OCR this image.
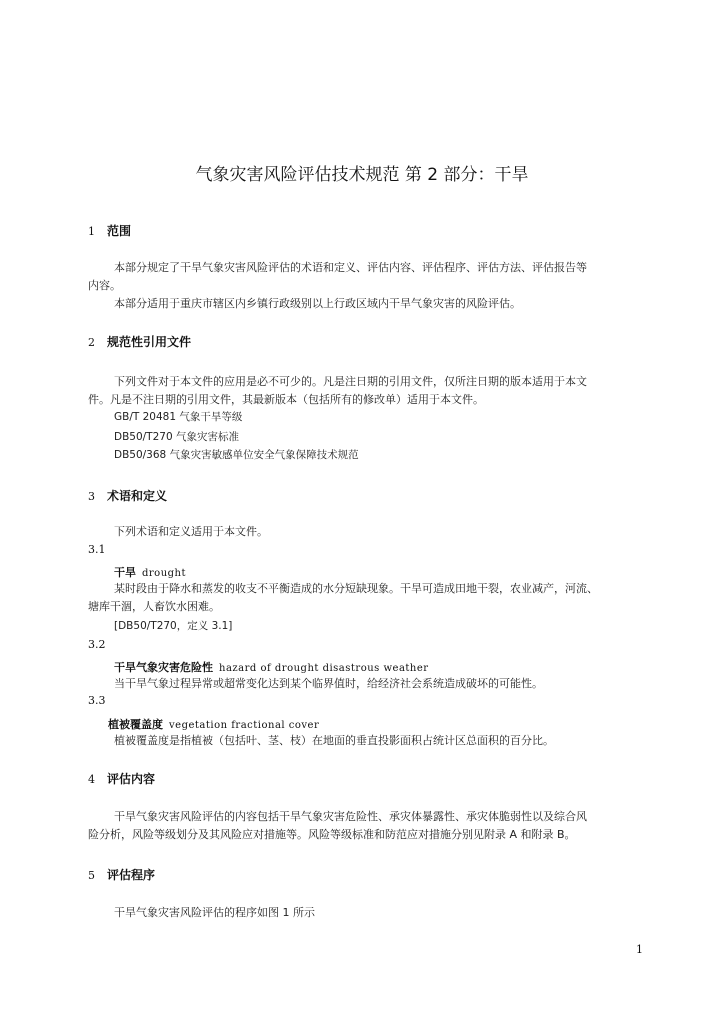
气象灾害风险评估技术规范 第 2 部分：干旱
1 范围
本部分规定了干旱气象灾害风险评估的术语和定义、评估内容、评估程序、评估方法、评估报告等
内容。
本部分适用于重庆市辖区内乡镇行政级别以上行政区域内干旱气象灾害的风险评估。
2 规范性引用文件
下列文件对于本文件的应用是必不可少的。凡是注日期的引用文件，仅所注日期的版本适用于本文
件。凡是不注日期的引用文件，其最新版本（包括所有的修改单）适用于本文件。
GB/T 20481 气象干旱等级
DB50/T270 气象灾害标准
DB50/368 气象灾害敏感单位安全气象保障技术规范
3 术语和定义
下列术语和定义适用于本文件。
3.1
干旱 drought
某时段由于降水和蒸发的收支不平衡造成的水分短缺现象。干旱可造成田地干裂，农业减产，河流、
塘库干涸，人畜饮水困难。
[DB50/T270，定义 3.1]
3.2
干旱气象灾害危险性 hazard of drought disastrous weather
当干旱气象过程异常或超常变化达到某个临界值时，给经济社会系统造成破坏的可能性。
3.3
植被覆盖度 vegetation fractional cover
植被覆盖度是指植被（包括叶、茎、枝）在地面的垂直投影面积占统计区总面积的百分比。
4 评估内容
干旱气象灾害风险评估的内容包括干旱气象灾害危险性、承灾体暴露性、承灾体脆弱性以及综合风
险分析，风险等级划分及其风险应对措施等。风险等级标准和防范应对措施分别见附录 A 和附录 B。
5 评估程序
干旱气象灾害风险评估的程序如图 1 所示
1
